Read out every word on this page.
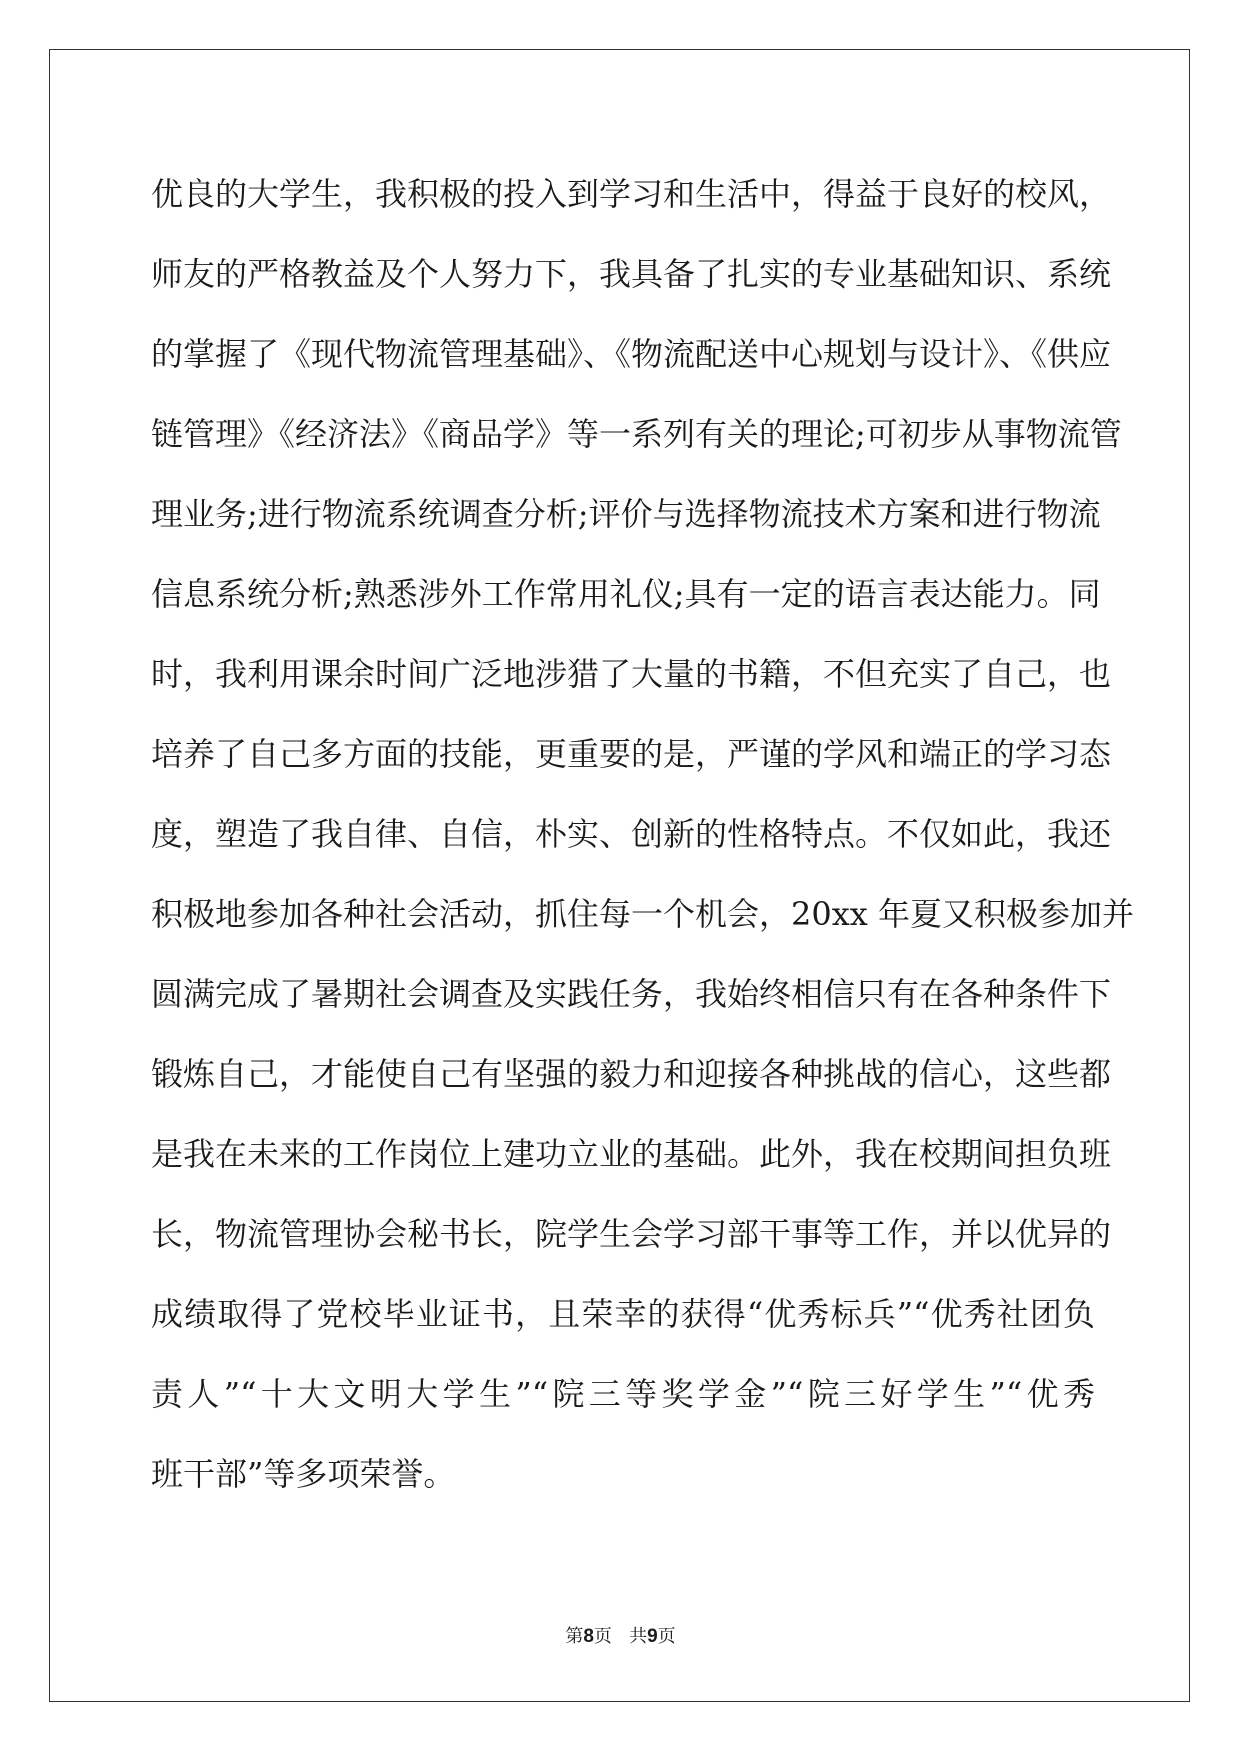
优良的大学生，我积极的投入到学习和生活中，得益于良好的校风，
师友的严格教益及个人努力下，我具备了扎实的专业基础知识、系统
的掌握了《现代物流管理基础》、《物流配送中心规划与设计》、《供应
链管理》《经济法》《商品学》等一系列有关的理论;可初步从事物流管
理业务;进行物流系统调查分析;评价与选择物流技术方案和进行物流
信息系统分析;熟悉涉外工作常用礼仪;具有一定的语言表达能力。同
时，我利用课余时间广泛地涉猎了大量的书籍，不但充实了自己，也
培养了自己多方面的技能，更重要的是，严谨的学风和端正的学习态
度，塑造了我自律、自信，朴实、创新的性格特点。不仅如此，我还
积极地参加各种社会活动，抓住每一个机会，20xx 年夏又积极参加并
圆满完成了暑期社会调查及实践任务，我始终相信只有在各种条件下
锻炼自己，才能使自己有坚强的毅力和迎接各种挑战的信心，这些都
是我在未来的工作岗位上建功立业的基础。此外，我在校期间担负班
长，物流管理协会秘书长，院学生会学习部干事等工作，并以优异的
成绩取得了党校毕业证书，且荣幸的获得“优秀标兵”“优秀社团负
责人”“十大文明大学生”“院三等奖学金”“院三好学生”“优秀
班干部”等多项荣誉。
第8页 共9页
